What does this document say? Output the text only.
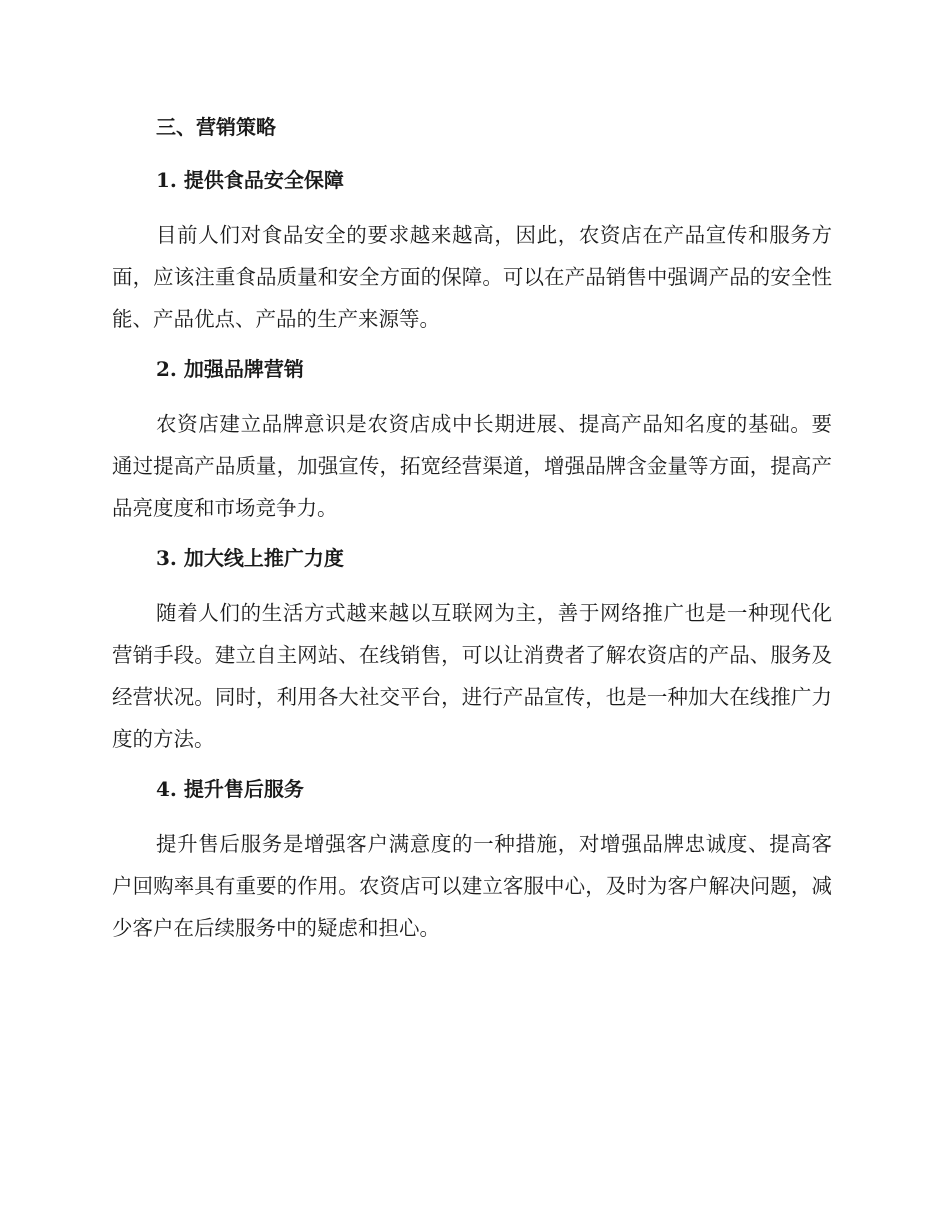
三、营销策略
1. 提供食品安全保障

目前人们对食品安全的要求越来越高，因此，农资店在产品宣传和服务方面，应该注重食品质量和安全方面的保障。可以在产品销售中强调产品的安全性能、产品优点、产品的生产来源等。

2. 加强品牌营销

农资店建立品牌意识是农资店成中长期进展、提高产品知名度的基础。要通过提高产品质量，加强宣传，拓宽经营渠道，增强品牌含金量等方面，提高产品亮度度和市场竞争力。

3. 加大线上推广力度

随着人们的生活方式越来越以互联网为主，善于网络推广也是一种现代化营销手段。建立自主网站、在线销售，可以让消费者了解农资店的产品、服务及经营状况。同时，利用各大社交平台，进行产品宣传，也是一种加大在线推广力度的方法。

4. 提升售后服务

提升售后服务是增强客户满意度的一种措施，对增强品牌忠诚度、提高客户回购率具有重要的作用。农资店可以建立客服中心，及时为客户解决问题，减少客户在后续服务中的疑虑和担心。
